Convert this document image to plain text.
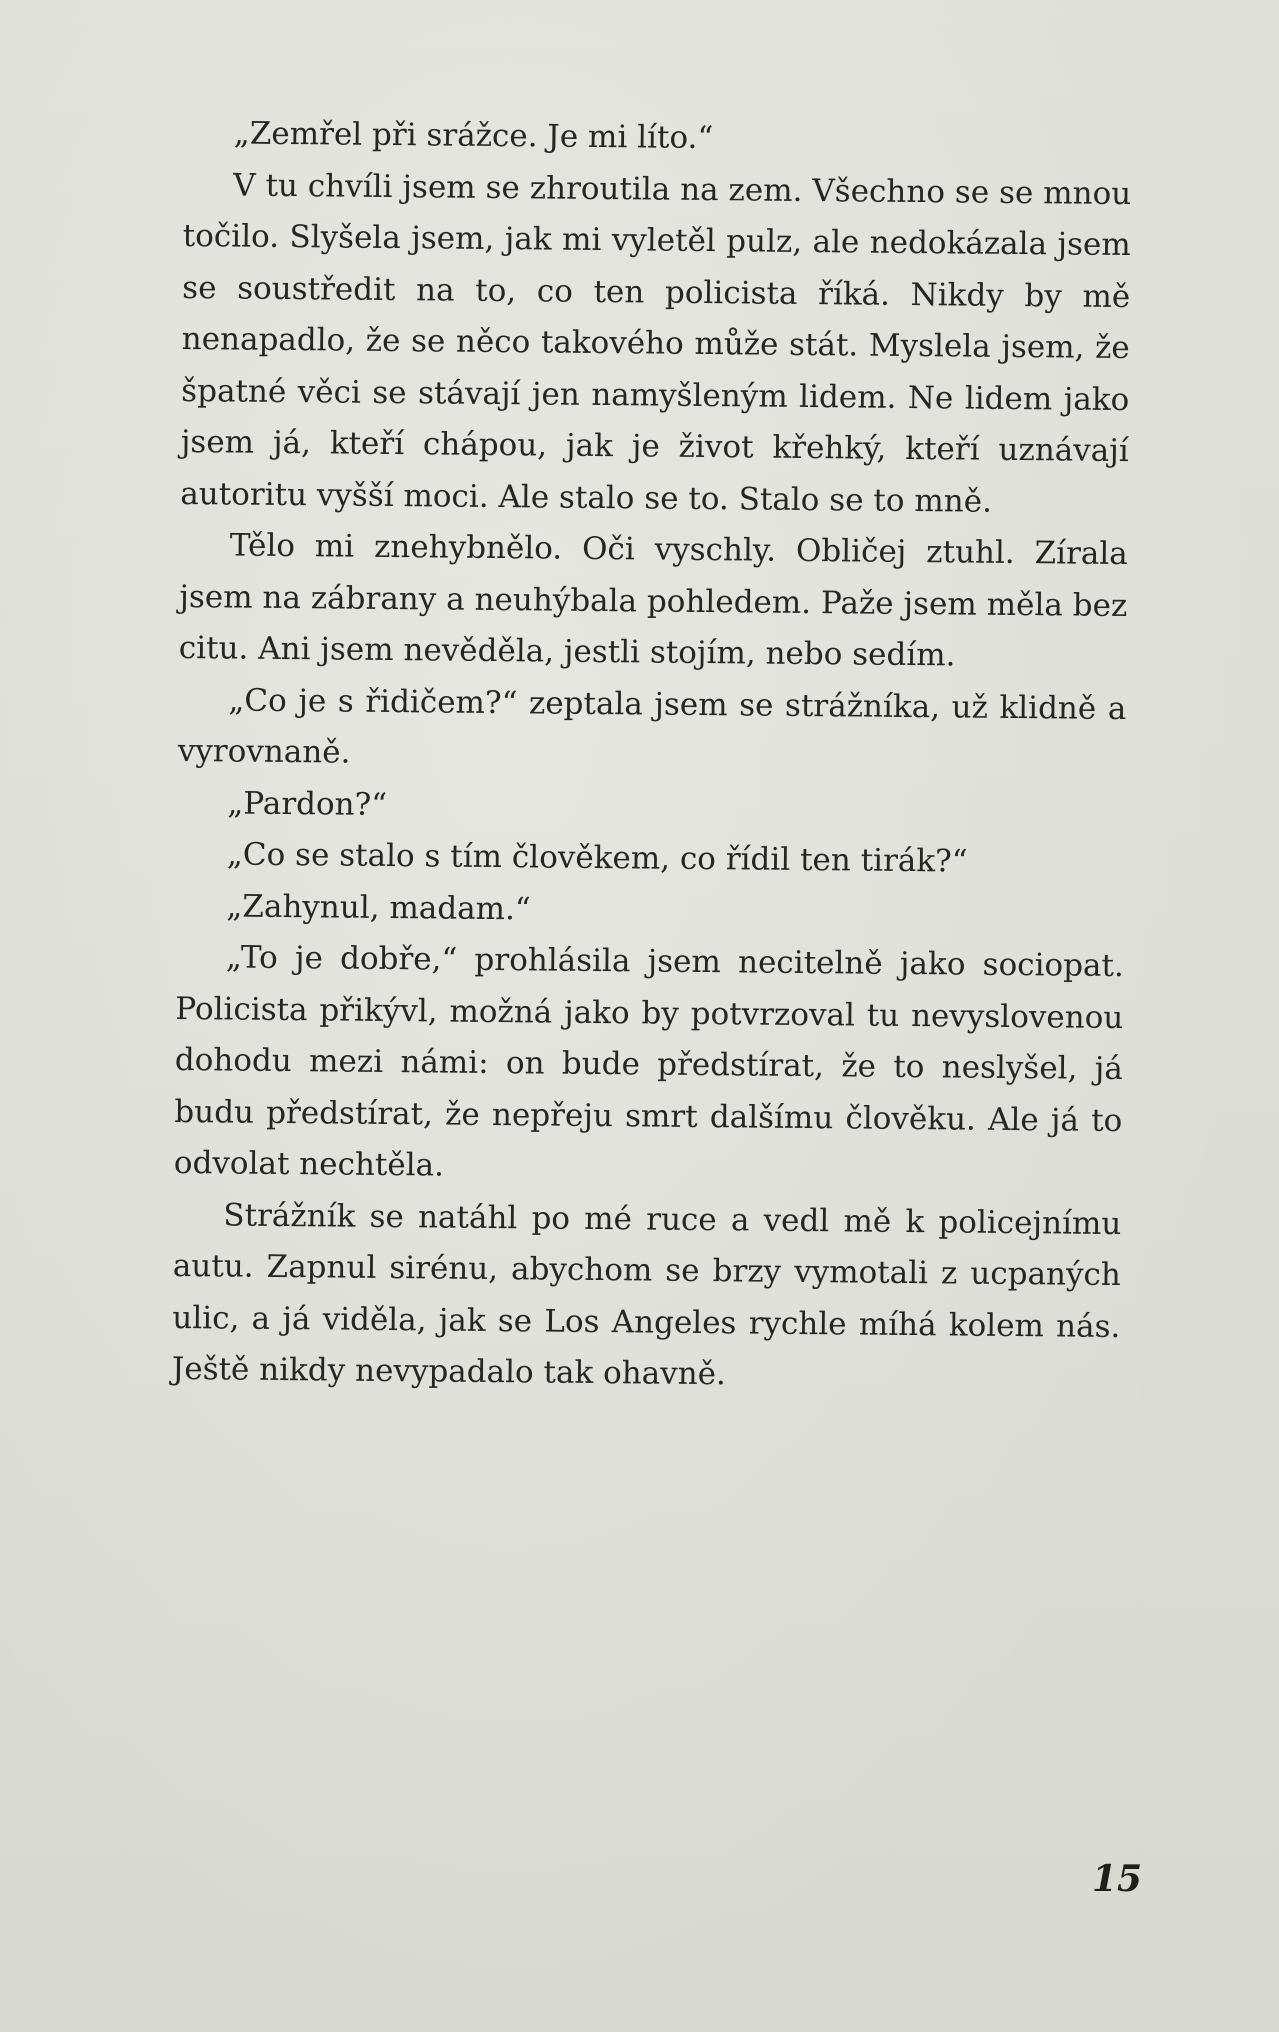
„Zemřel při srážce. Je mi líto.“

V tu chvíli jsem se zhroutila na zem. Všechno se se mnou točilo. Slyšela jsem, jak mi vyletěl pulz, ale nedokázala jsem se soustředit na to, co ten policista říká. Nikdy by mě nenapadlo, že se něco takového může stát. Myslela jsem, že špatné věci se stávají jen namyšleným lidem. Ne lidem jako jsem já, kteří chápou, jak je život křehký, kteří uznávají autoritu vyšší moci. Ale stalo se to. Stalo se to mně.

Tělo mi znehybnělo. Oči vyschly. Obličej ztuhl. Zírala jsem na zábrany a neuhýbala pohledem. Paže jsem měla bez citu. Ani jsem nevěděla, jestli stojím, nebo sedím.

„Co je s řidičem?“ zeptala jsem se strážníka, už klidně a vyrovnaně.

„Pardon?“

„Co se stalo s tím člověkem, co řídil ten tirák?“

„Zahynul, madam.“

„To je dobře,“ prohlásila jsem necitelně jako sociopat. Policista přikývl, možná jako by potvrzoval tu nevyslovenou dohodu mezi námi: on bude předstírat, že to neslyšel, já budu předstírat, že nepřeju smrt dalšímu člověku. Ale já to odvolat nechtěla.

Strážník se natáhl po mé ruce a vedl mě k policejnímu autu. Zapnul sirénu, abychom se brzy vymotali z ucpaných ulic, a já viděla, jak se Los Angeles rychle míhá kolem nás. Ještě nikdy nevypadalo tak ohavně.

15
